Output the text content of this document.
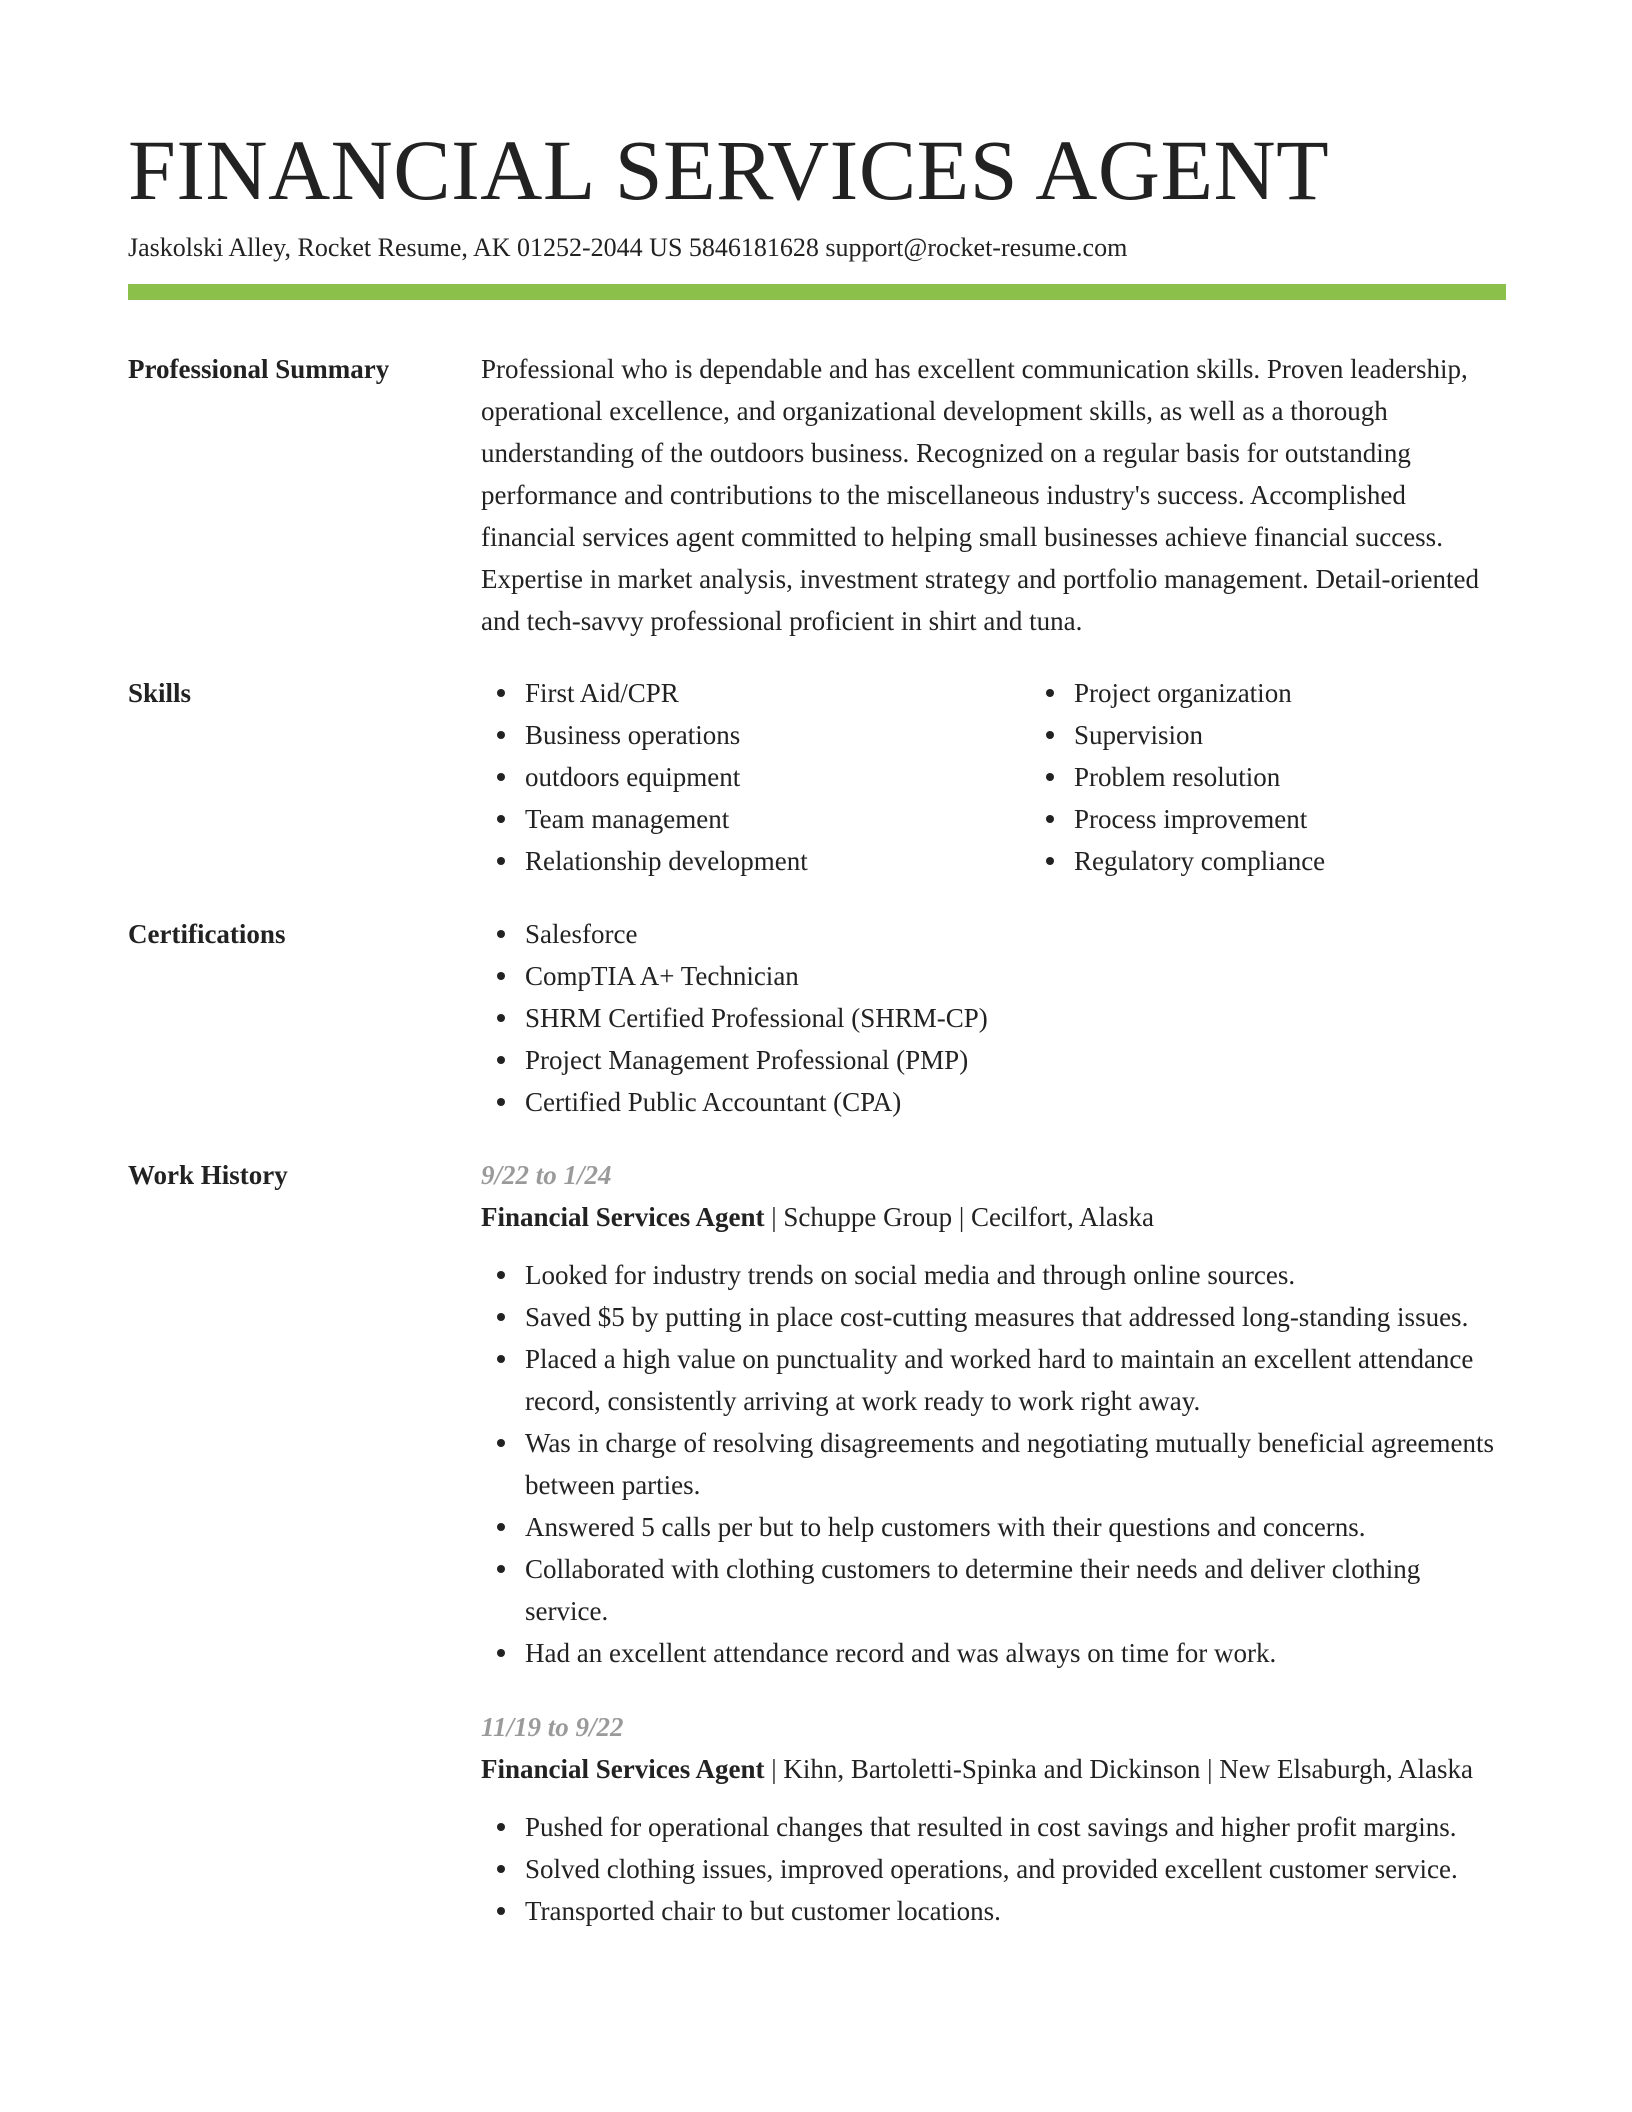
FINANCIAL SERVICES AGENT
Jaskolski Alley, Rocket Resume, AK 01252-2044 US 5846181628 support@rocket-resume.com
Professional Summary	Professional who is dependable and has excellent communication skills. Proven leadership, operational excellence, and organizational development skills, as well as a thorough understanding of the outdoors business. Recognized on a regular basis for outstanding performance and contributions to the miscellaneous industry's success. Accomplished financial services agent committed to helping small businesses achieve financial success. Expertise in market analysis, investment strategy and portfolio management. Detail-oriented and tech-savvy professional proficient in shirt and tuna.

Skills	First Aid/CPR
Business operations
outdoors equipment
Team management
Relationship development
Project organization
Supervision
Problem resolution
Process improvement
Regulatory compliance
Certifications	Salesforce
CompTIA A+ Technician
SHRM Certified Professional (SHRM-CP)
Project Management Professional (PMP)
Certified Public Accountant (CPA)
Work History	9/22 to 1/24
Financial Services Agent | Schuppe Group | Cecilfort, Alaska
Looked for industry trends on social media and through online sources.
Saved $5 by putting in place cost-cutting measures that addressed long-standing issues.
Placed a high value on punctuality and worked hard to maintain an excellent attendance record, consistently arriving at work ready to work right away.
Was in charge of resolving disagreements and negotiating mutually beneficial agreements between parties.
Answered 5 calls per but to help customers with their questions and concerns.
Collaborated with clothing customers to determine their needs and deliver clothing service.
Had an excellent attendance record and was always on time for work.
11/19 to 9/22
Financial Services Agent | Kihn, Bartoletti-Spinka and Dickinson | New Elsaburgh, Alaska
Pushed for operational changes that resulted in cost savings and higher profit margins.
Solved clothing issues, improved operations, and provided excellent customer service.
Transported chair to but customer locations.
